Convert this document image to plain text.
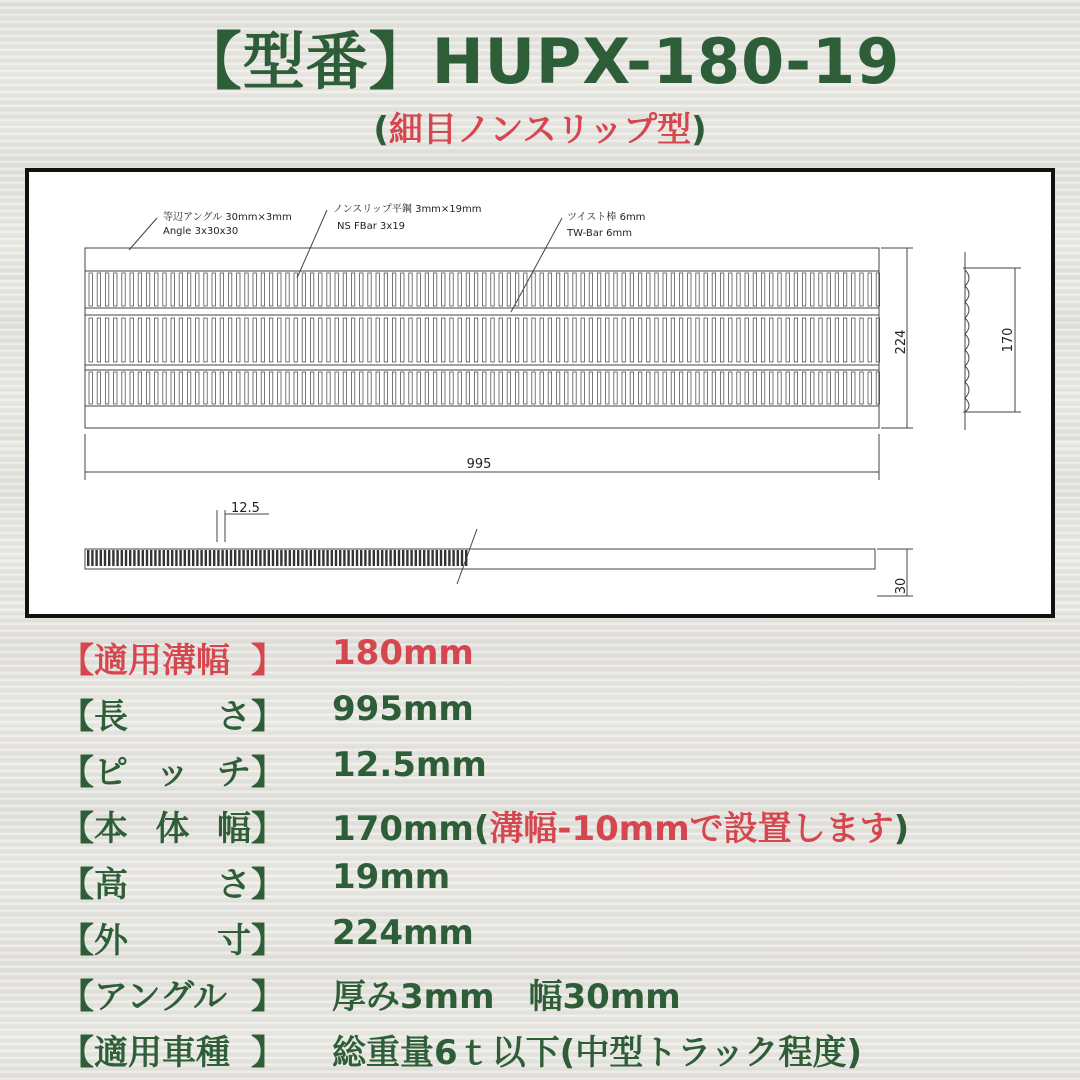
【型番】HUPX-180-19
(細目ノンスリップ型)
等辺アングル 30mm×3mm
Angle 3x30x30
ノンスリップ平鋼 3mm×19mm
NS FBar 3x19
ツイスト棒 6mm
TW-Bar 6mm
224	170
995
12.5
30
【 適用溝幅 】 180mm
【 長	さ 】 995mm
【 ピ ッ チ 】 12.5mm
【 本 体 幅 】 170mm(溝幅-10mmで設置します)
【 高	さ 】 19mm
【 外	寸 】 224mm
【 アングル 】 厚み3mm　幅30mm
【 適用車種 】 総重量6ｔ以下(中型トラック程度)
